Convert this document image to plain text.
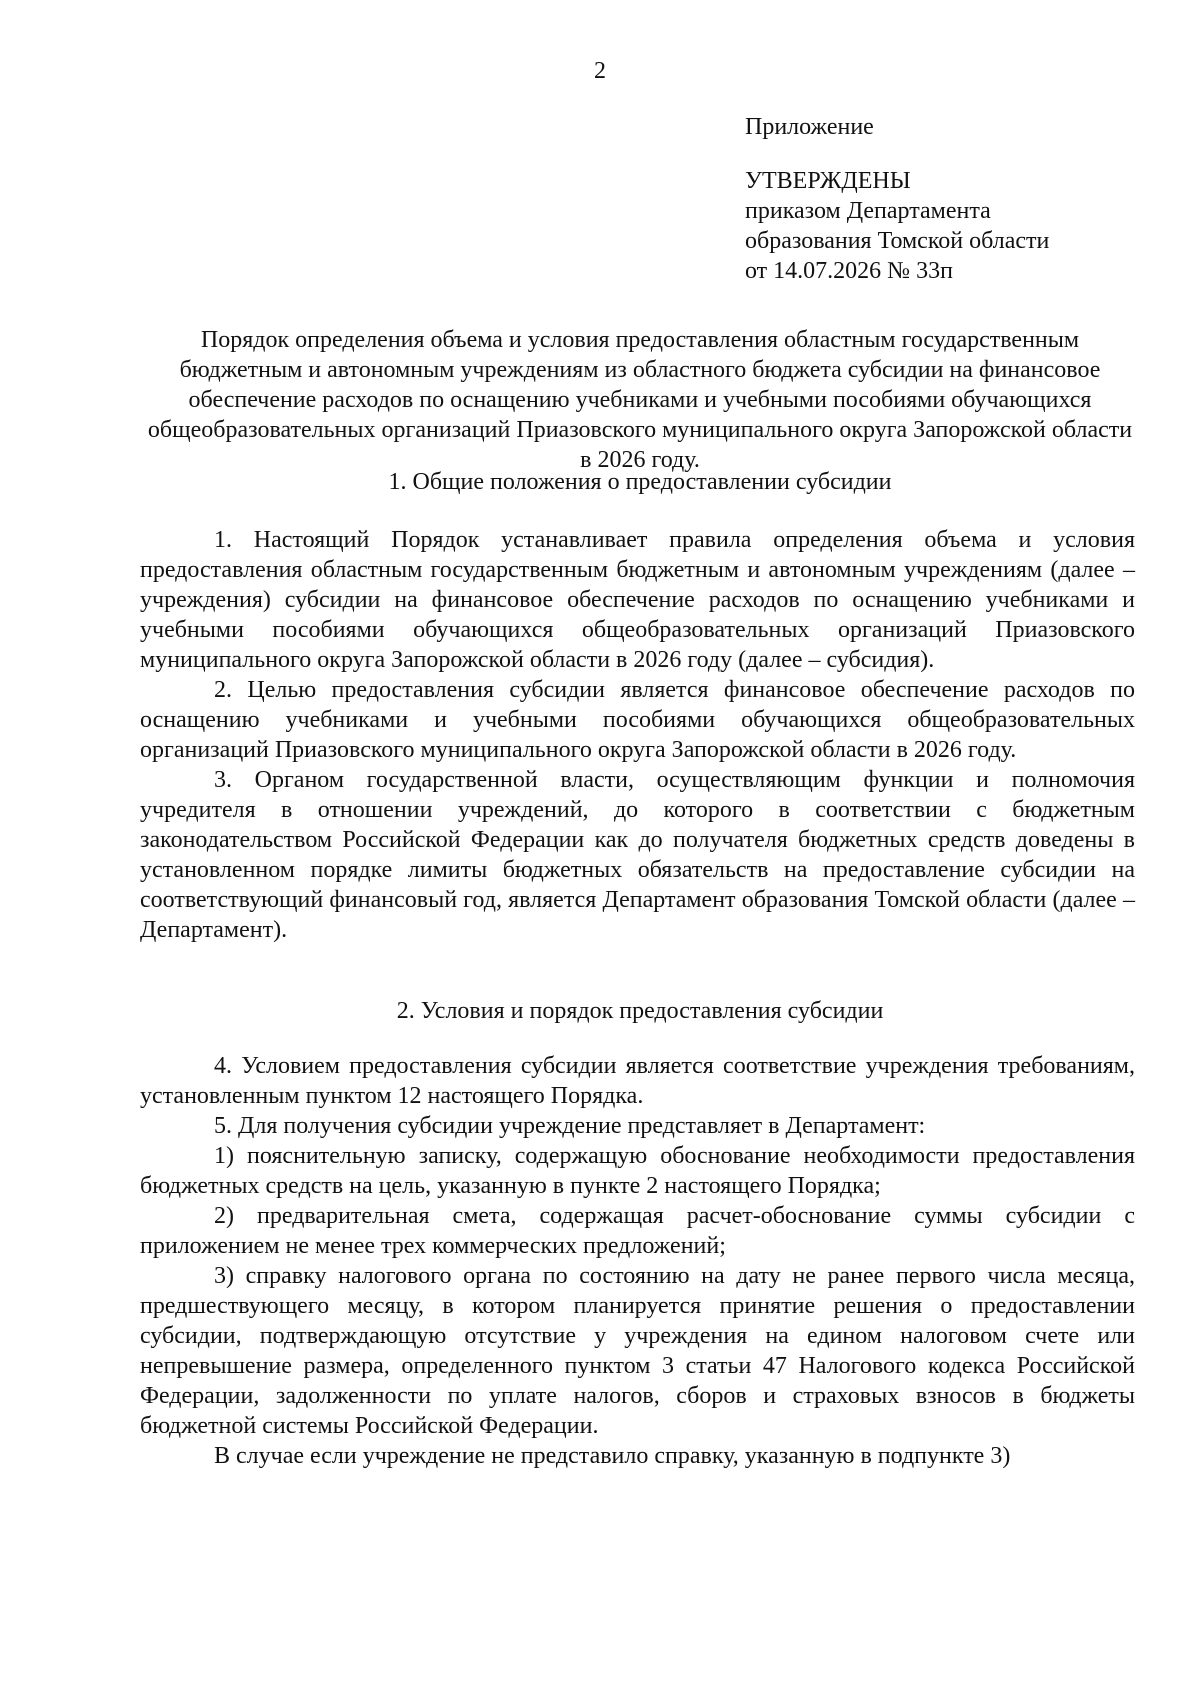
2

Приложение

УТВЕРЖДЕНЫ

приказом Департамента

образования Томской области

от 14.07.2026 № 33п

Порядок определения объема и условия предоставления областным государственным бюджетным и автономным учреждениям из областного бюджета субсидии на финансовое обеспечение расходов по оснащению учебниками и учебными пособиями обучающихся общеобразовательных организаций Приазовского муниципального округа Запорожской области в 2026 году.
1. Общие положения о предоставлении субсидии

1. Настоящий Порядок устанавливает правила определения объема и условия предоставления областным государственным бюджетным и автономным учреждениям (далее – учреждения) субсидии на финансовое обеспечение расходов по оснащению учебниками и учебными пособиями обучающихся общеобразовательных организаций Приазовского муниципального округа Запорожской области в 2026 году (далее – субсидия).

2. Целью предоставления субсидии является финансовое обеспечение расходов по оснащению учебниками и учебными пособиями обучающихся общеобразовательных организаций Приазовского муниципального округа Запорожской области в 2026 году.

3. Органом государственной власти, осуществляющим функции и полномочия учредителя в отношении учреждений, до которого в соответствии с бюджетным законодательством Российской Федерации как до получателя бюджетных средств доведены в установленном порядке лимиты бюджетных обязательств на предоставление субсидии на соответствующий финансовый год, является Департамент образования Томской области (далее – Департамент).

2. Условия и порядок предоставления субсидии

4. Условием предоставления субсидии является соответствие учреждения требованиям, установленным пунктом 12 настоящего Порядка.

5. Для получения субсидии учреждение представляет в Департамент:

1) пояснительную записку, содержащую обоснование необходимости предоставления бюджетных средств на цель, указанную в пункте 2 настоящего Порядка;

2) предварительная смета, содержащая расчет-обоснование суммы субсидии с приложением не менее трех коммерческих предложений;

3) справку налогового органа по состоянию на дату не ранее первого числа месяца, предшествующего месяцу, в котором планируется принятие решения о предоставлении субсидии, подтверждающую отсутствие у учреждения на едином налоговом счете или непревышение размера, определенного пунктом 3 статьи 47 Налогового кодекса Российской Федерации, задолженности по уплате налогов, сборов и страховых взносов в бюджеты бюджетной системы Российской Федерации.

В случае если учреждение не представило справку, указанную в подпункте 3)
